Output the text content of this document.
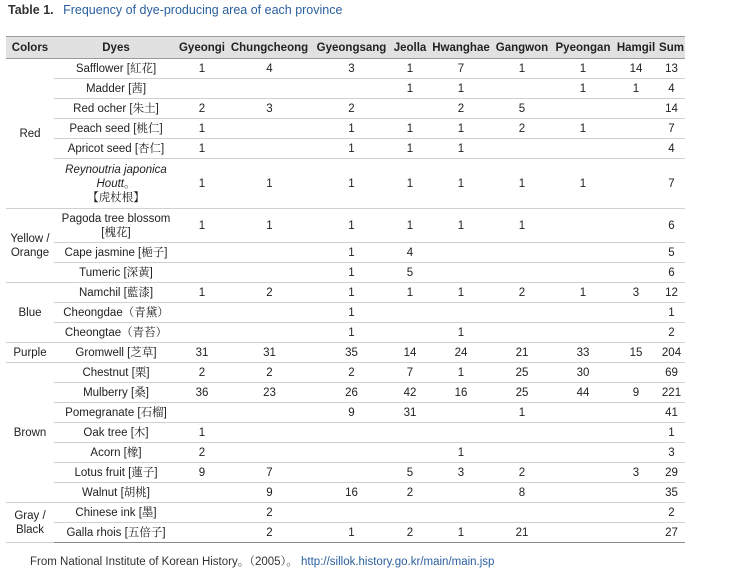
Table 1. Frequency of dye-producing area of each province
Colors	Dyes	Gyeongi	Chungcheong	Gyeongsang	Jeolla	Hwanghae	Gangwon	Pyeongan	Hamgil	Sum
Red	Safflower [紅花]	1	4	3	1	7	1	1	14	13
	Madder [茜]				1	1		1	1	4
	Red ocher [朱土]	2	3	2		2	5			14
	Peach seed [桃仁]	1		1	1	1	2	1		7
	Apricot seed [杏仁]	1		1	1	1				4
	Reynoutria japonica Houtt。
【虎杖根】	1	1	1	1	1	1	1		7
Yellow / Orange	Pagoda tree blossom [槐花]	1	1	1	1	1	1			6
	Cape jasmine [梔子]			1	4					5
	Tumeric [深黃]			1	5					6
Blue	Namchil [藍漆]	1	2	1	1	1	2	1	3	12
	Cheongdae（青黛）			1						1
	Cheongtae（青苔）			1		1				2
Purple	Gromwell [芝草]	31	31	35	14	24	21	33	15	204
Brown	Chestnut [栗]	2	2	2	7	1	25	30		69
	Mulberry [桑]	36	23	26	42	16	25	44	9	221
	Pomegranate [石榴]			9	31		1			41
	Oak tree [木]	1								1
	Acorn [橡]	2				1				3
	Lotus fruit [蓮子]	9	7		5	3	2		3	29
	Walnut [胡桃]		9	16	2		8			35
Gray / Black	Chinese ink [墨]		2							2
	Galla rhois [五倍子]		2	1	2	1	21			27
From National Institute of Korean History。（2005）。 http://sillok.history.go.kr/main/main.jsp
